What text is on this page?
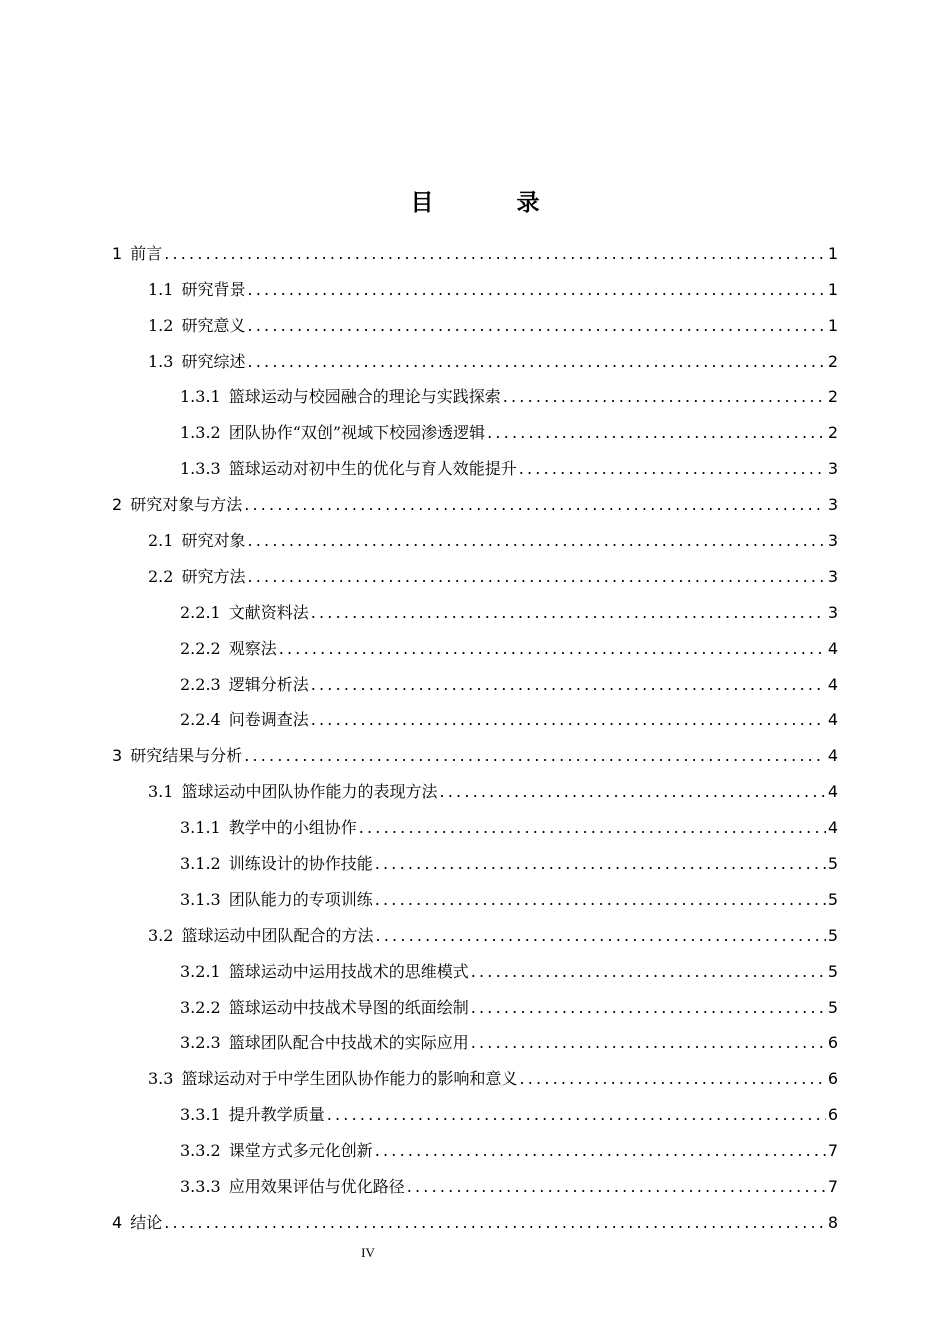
目　录
1 前言 .....	1
1.1 研究背景 .....	1
1.2 研究意义 .....	1
1.3 研究综述 .....	2
1.3.1 篮球运动与校园融合的理论与实践探索 .....	2
1.3.2 团队协作“双创”视域下校园渗透逻辑 .....	2
1.3.3 篮球运动对初中生的优化与育人效能提升 .....	3
2 研究对象与方法 .....	3
2.1 研究对象 .....	3
2.2 研究方法 .....	3
2.2.1 文献资料法 .....	3
2.2.2 观察法 .....	4
2.2.3 逻辑分析法 .....	4
2.2.4 问卷调查法 .....	4
3 研究结果与分析 .....	4
3.1 篮球运动中团队协作能力的表现方法 .....	4
3.1.1 教学中的小组协作 .....	4
3.1.2 训练设计的协作技能 .....	5
3.1.3 团队能力的专项训练 .....	5
3.2 篮球运动中团队配合的方法 .....	5
3.2.1 篮球运动中运用技战术的思维模式 .....	5
3.2.2 篮球运动中技战术导图的纸面绘制 .....	5
3.2.3 篮球团队配合中技战术的实际应用 .....	6
3.3 篮球运动对于中学生团队协作能力的影响和意义 .....	6
3.3.1 提升教学质量 .....	6
3.3.2 课堂方式多元化创新 .....	7
3.3.3 应用效果评估与优化路径 .....	7
4 结论 .....	8
IV
